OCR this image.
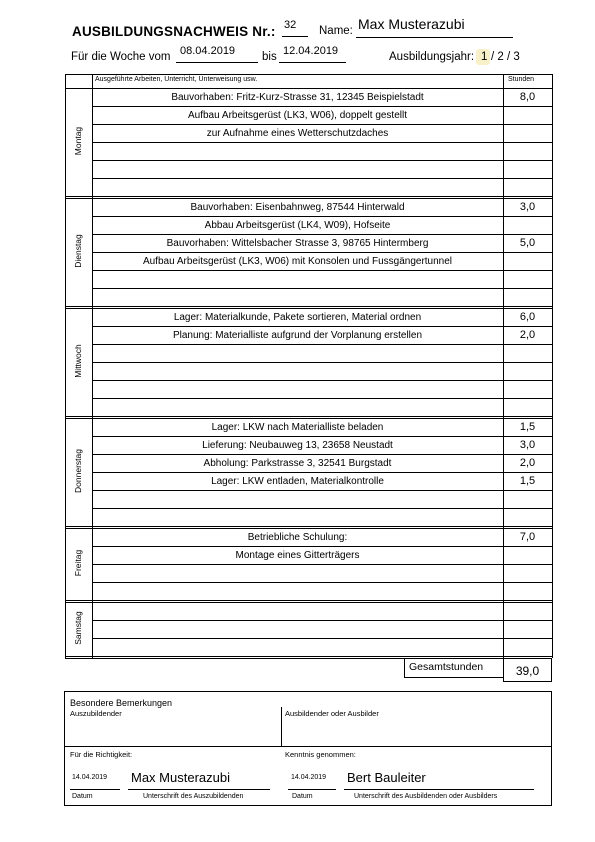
AUSBILDUNGSNACHWEIS Nr.: 32 Name: Max Musterazubi
Für die Woche vom 08.04.2019 bis 12.04.2019	Ausbildungsjahr: 1 / 2 / 3
Ausgeführte Arbeiten, Unterricht, Unterweisung usw.	Stunden
Bauvorhaben: Fritz-Kurz-Strasse 31, 12345 Beispielstadt	8,0
Aufbau Arbeitsgerüst (LK3, W06), doppelt gestellt
zur Aufnahme eines Wetterschutzdaches
Montag
Bauvorhaben: Eisenbahnweg, 87544 Hinterwald	3,0
Abbau Arbeitsgerüst (LK4, W09), Hofseite
Bauvorhaben: Wittelsbacher Strasse 3, 98765 Hintermberg	5,0
Aufbau Arbeitsgerüst (LK3, W06) mit Konsolen und Fussgängertunnel
Dienstag
Lager: Materialkunde, Pakete sortieren, Material ordnen	6,0
Planung: Materialliste aufgrund der Vorplanung erstellen	2,0
Mittwoch
Lager: LKW nach Materialliste beladen	1,5
Lieferung: Neubauweg 13, 23658 Neustadt	3,0
Abholung: Parkstrasse 3, 32541 Burgstadt	2,0
Lager: LKW entladen, Materialkontrolle	1,5
Donnerstag
Betriebliche Schulung:	7,0
Montage eines Gitterträgers
Freitag
Samstag
Gesamtstunden	39,0
Besondere Bemerkungen
Auszubildender	Ausbildender oder Ausbilder
Für die Richtigkeit:	Kenntnis genommen:
14.04.2019 Max Musterazubi
Datum	Unterschrift des Auszubildenden
14.04.2019 Bert Bauleiter
Datum	Unterschrift des Ausbildenden oder Ausbilders
